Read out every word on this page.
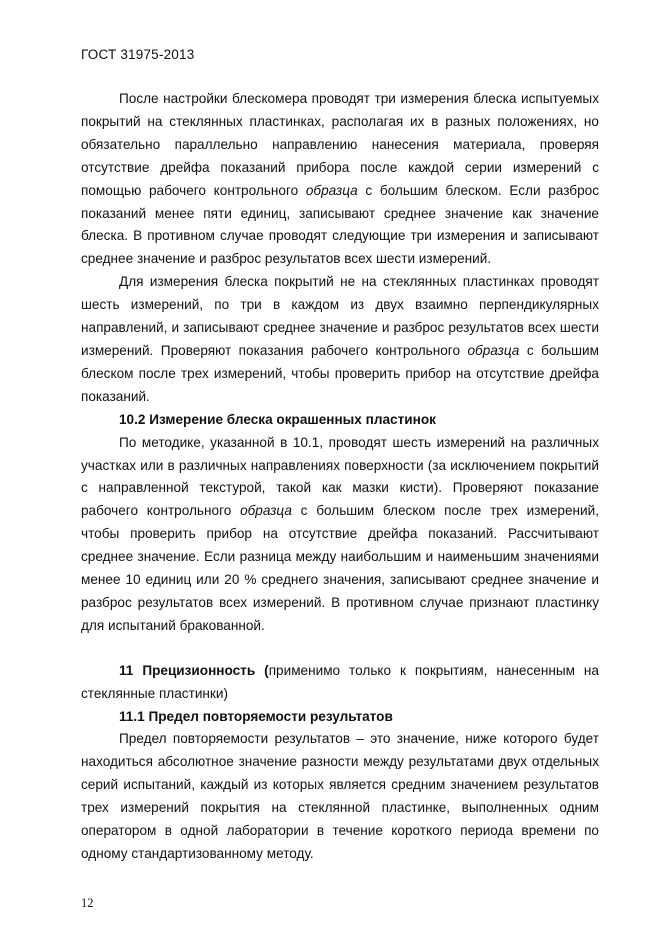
ГОСТ 31975-2013

После настройки блескомера проводят три измерения блеска испытуемых покрытий на стеклянных пластинках, располагая их в разных положениях, но обязательно параллельно направлению нанесения материала, проверяя отсутствие дрейфа показаний прибора после каждой серии измерений с помощью рабочего контрольного образца с большим блеском. Если разброс показаний менее пяти единиц, записывают среднее значение как значение блеска. В противном случае проводят следующие три измерения и записывают среднее значение и разброс результатов всех шести измерений.

Для измерения блеска покрытий не на стеклянных пластинках проводят шесть измерений, по три в каждом из двух взаимно перпендикулярных направлений, и записывают среднее значение и разброс результатов всех шести измерений. Проверяют показания рабочего контрольного образца с большим блеском после трех измерений, чтобы проверить прибор на отсутствие дрейфа показаний.

10.2 Измерение блеска окрашенных пластинок

По методике, указанной в 10.1, проводят шесть измерений на различных участках или в различных направлениях поверхности (за исключением покрытий с направленной текстурой, такой как мазки кисти). Проверяют показание рабочего контрольного образца с большим блеском после трех измерений, чтобы проверить прибор на отсутствие дрейфа показаний. Рассчитывают среднее значение. Если разница между наибольшим и наименьшим значениями менее 10 единиц или 20 % среднего значения, записывают среднее значение и разброс результатов всех измерений. В противном случае признают пластинку для испытаний бракованной.

11 Прецизионность (применимо только к покрытиям, нанесенным на стеклянные пластинки)

11.1 Предел повторяемости результатов

Предел повторяемости результатов – это значение, ниже которого будет находиться абсолютное значение разности между результатами двух отдельных серий испытаний, каждый из которых является средним значением результатов трех измерений покрытия на стеклянной пластинке, выполненных одним оператором в одной лаборатории в течение короткого периода времени по одному стандартизованному методу.

12
